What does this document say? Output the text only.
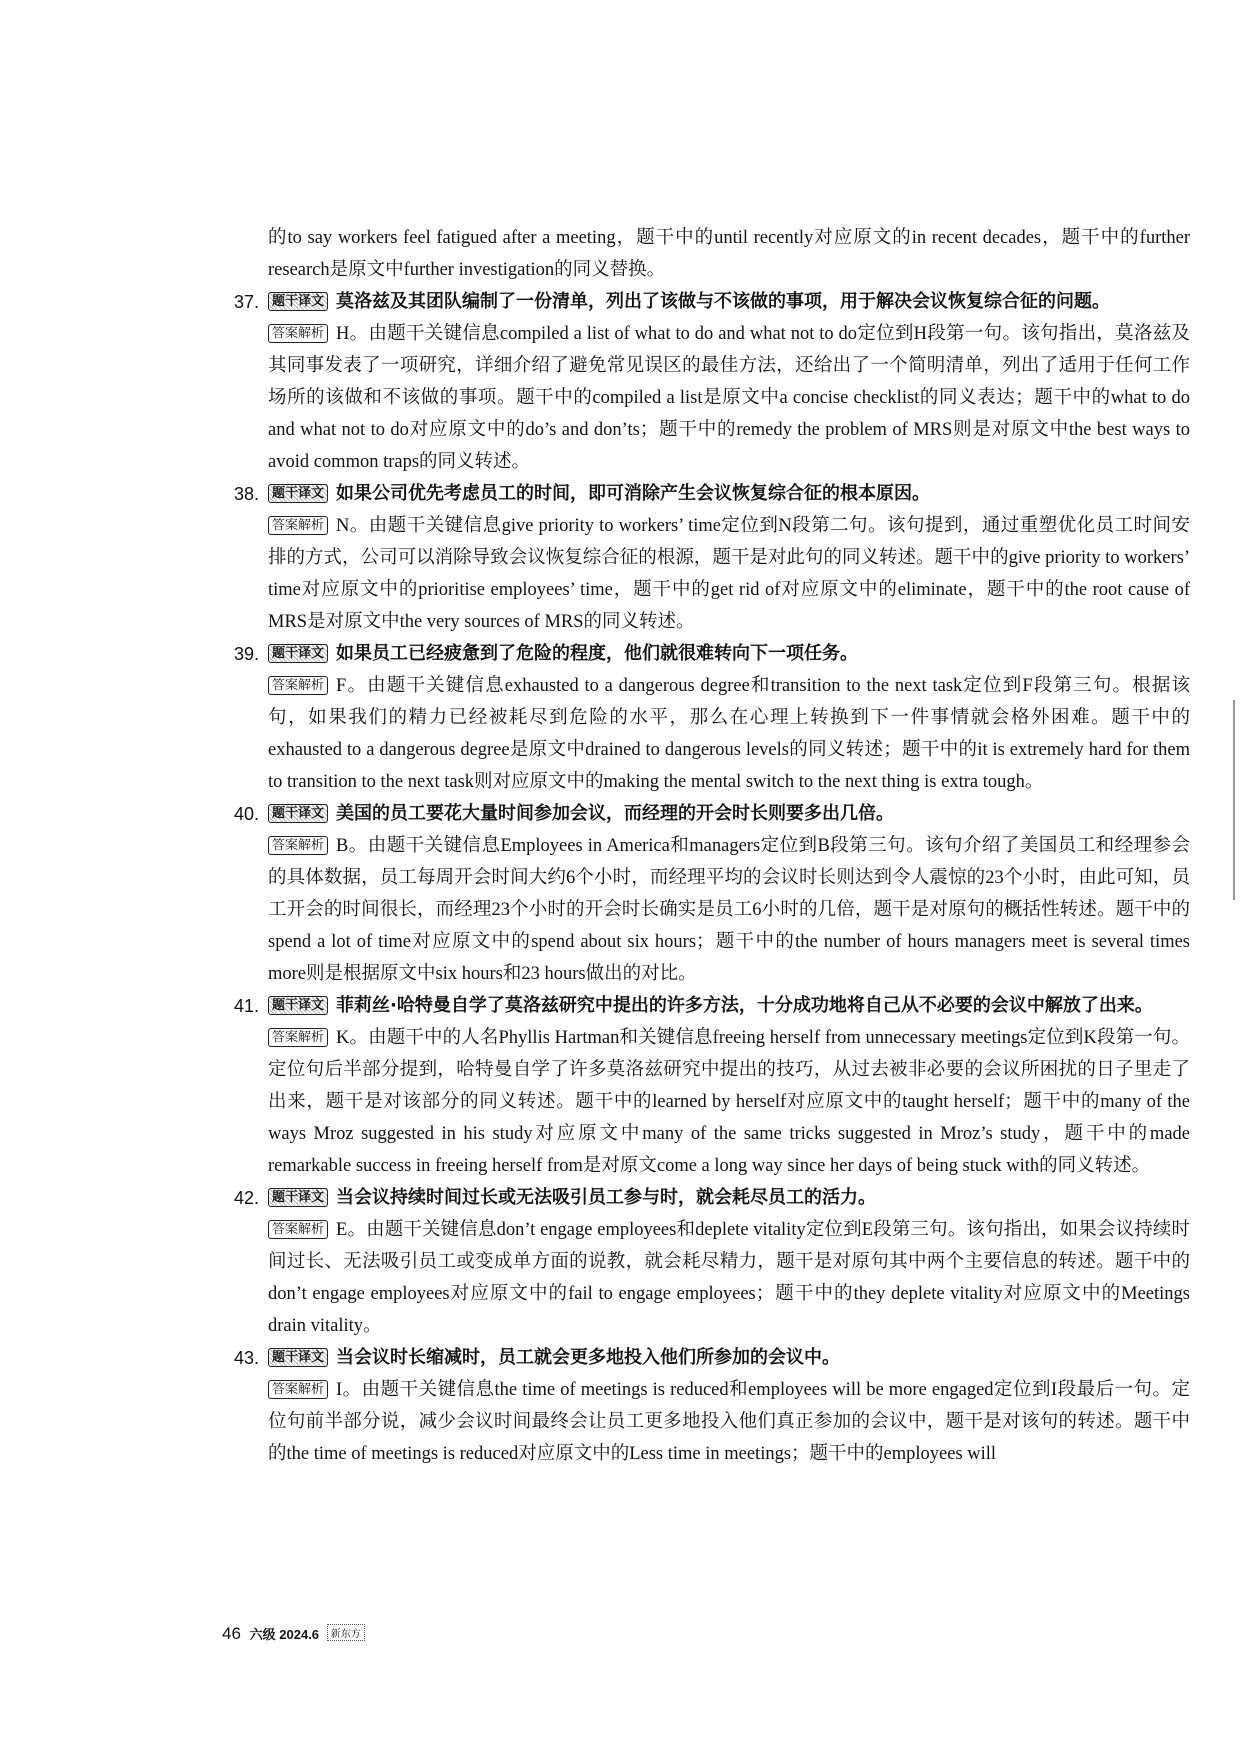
的to say workers feel fatigued after a meeting，题干中的until recently对应原文的in recent decades，题干中的further research是原文中further investigation的同义替换。
37. 题干译文 莫洛兹及其团队编制了一份清单，列出了该做与不该做的事项，用于解决会议恢复综合征的问题。
答案解析 H。由题干关键信息compiled a list of what to do and what not to do定位到H段第一句。该句指出，莫洛兹及其同事发表了一项研究，详细介绍了避免常见误区的最佳方法，还给出了一个简明清单，列出了适用于任何工作场所的该做和不该做的事项。题干中的compiled a list是原文中a concise checklist的同义表达；题干中的what to do and what not to do对应原文中的do’s and don’ts；题干中的remedy the problem of MRS则是对原文中the best ways to avoid common traps的同义转述。
38. 题干译文 如果公司优先考虑员工的时间，即可消除产生会议恢复综合征的根本原因。
答案解析 N。由题干关键信息give priority to workers’ time定位到N段第二句。该句提到，通过重塑优化员工时间安排的方式，公司可以消除导致会议恢复综合征的根源，题干是对此句的同义转述。题干中的give priority to workers’ time对应原文中的prioritise employees’ time，题干中的get rid of对应原文中的eliminate，题干中的the root cause of MRS是对原文中the very sources of MRS的同义转述。
39. 题干译文 如果员工已经疲惫到了危险的程度，他们就很难转向下一项任务。
答案解析 F。由题干关键信息exhausted to a dangerous degree和transition to the next task定位到F段第三句。根据该句，如果我们的精力已经被耗尽到危险的水平，那么在心理上转换到下一件事情就会格外困难。题干中的exhausted to a dangerous degree是原文中drained to dangerous levels的同义转述；题干中的it is extremely hard for them to transition to the next task则对应原文中的making the mental switch to the next thing is extra tough。
40. 题干译文 美国的员工要花大量时间参加会议，而经理的开会时长则要多出几倍。
答案解析 B。由题干关键信息Employees in America和managers定位到B段第三句。该句介绍了美国员工和经理参会的具体数据，员工每周开会时间大约6个小时，而经理平均的会议时长则达到令人震惊的23个小时，由此可知，员工开会的时间很长，而经理23个小时的开会时长确实是员工6小时的几倍，题干是对原句的概括性转述。题干中的spend a lot of time对应原文中的spend about six hours；题干中的the number of hours managers meet is several times more则是根据原文中six hours和23 hours做出的对比。
41. 题干译文 菲莉丝·哈特曼自学了莫洛兹研究中提出的许多方法，十分成功地将自己从不必要的会议中解放了出来。
答案解析 K。由题干中的人名Phyllis Hartman和关键信息freeing herself from unnecessary meetings定位到K段第一句。定位句后半部分提到，哈特曼自学了许多莫洛兹研究中提出的技巧，从过去被非必要的会议所困扰的日子里走了出来，题干是对该部分的同义转述。题干中的learned by herself对应原文中的taught herself；题干中的many of the ways Mroz suggested in his study对应原文中many of the same tricks suggested in Mroz’s study，题干中的made remarkable success in freeing herself from是对原文come a long way since her days of being stuck with的同义转述。
42. 题干译文 当会议持续时间过长或无法吸引员工参与时，就会耗尽员工的活力。
答案解析 E。由题干关键信息don’t engage employees和deplete vitality定位到E段第三句。该句指出，如果会议持续时间过长、无法吸引员工或变成单方面的说教，就会耗尽精力，题干是对原句其中两个主要信息的转述。题干中的don’t engage employees对应原文中的fail to engage employees；题干中的they deplete vitality对应原文中的Meetings drain vitality。
43. 题干译文 当会议时长缩减时，员工就会更多地投入他们所参加的会议中。
答案解析 I。由题干关键信息the time of meetings is reduced和employees will be more engaged定位到I段最后一句。定位句前半部分说，减少会议时间最终会让员工更多地投入他们真正参加的会议中，题干是对该句的转述。题干中的the time of meetings is reduced对应原文中的Less time in meetings；题干中的employees will
46 六级 2024.6 新东方
